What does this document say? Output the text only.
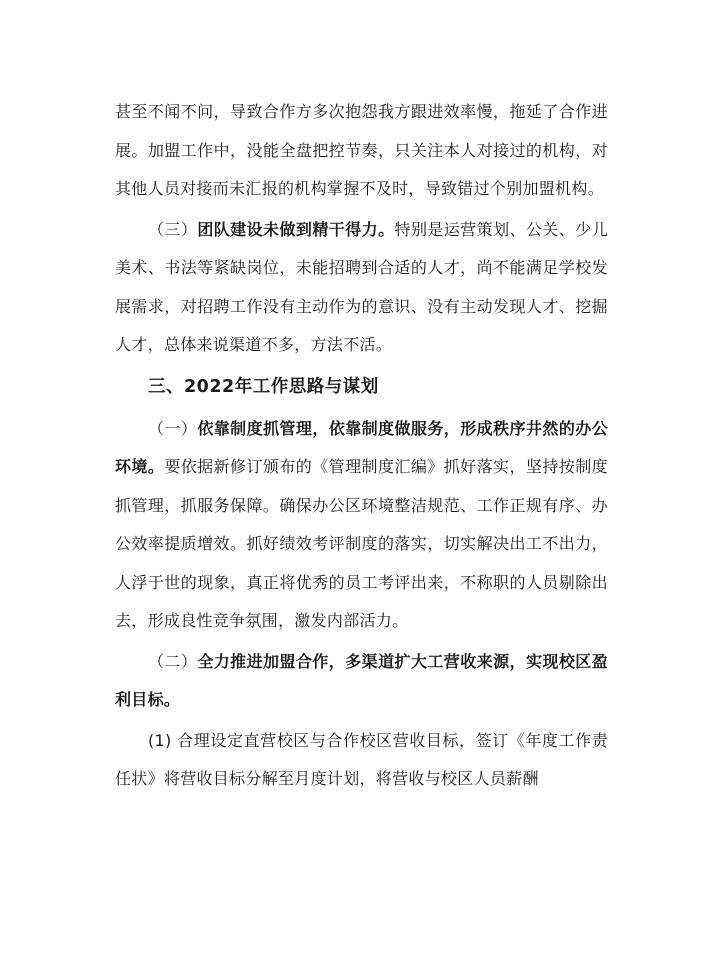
甚至不闻不问，导致合作方多次抱怨我方跟进效率慢，拖延了合作进展。加盟工作中，没能全盘把控节奏，只关注本人对接过的机构，对其他人员对接而未汇报的机构掌握不及时，导致错过个别加盟机构。

（三）团队建设未做到精干得力。特别是运营策划、公关、少儿美术、书法等紧缺岗位，未能招聘到合适的人才，尚不能满足学校发展需求，对招聘工作没有主动作为的意识、没有主动发现人才、挖掘人才，总体来说渠道不多，方法不活。

三、2022年工作思路与谋划

（一）依靠制度抓管理，依靠制度做服务，形成秩序井然的办公环境。要依据新修订颁布的《管理制度汇编》抓好落实，坚持按制度抓管理，抓服务保障。确保办公区环境整洁规范、工作正规有序、办公效率提质增效。抓好绩效考评制度的落实，切实解决出工不出力，人浮于世的现象，真正将优秀的员工考评出来，不称职的人员剔除出去，形成良性竞争氛围，激发内部活力。

（二）全力推进加盟合作，多渠道扩大工营收来源，实现校区盈利目标。

(1) 合理设定直营校区与合作校区营收目标，签订《年度工作责任状》将营收目标分解至月度计划，将营收与校区人员薪酬
